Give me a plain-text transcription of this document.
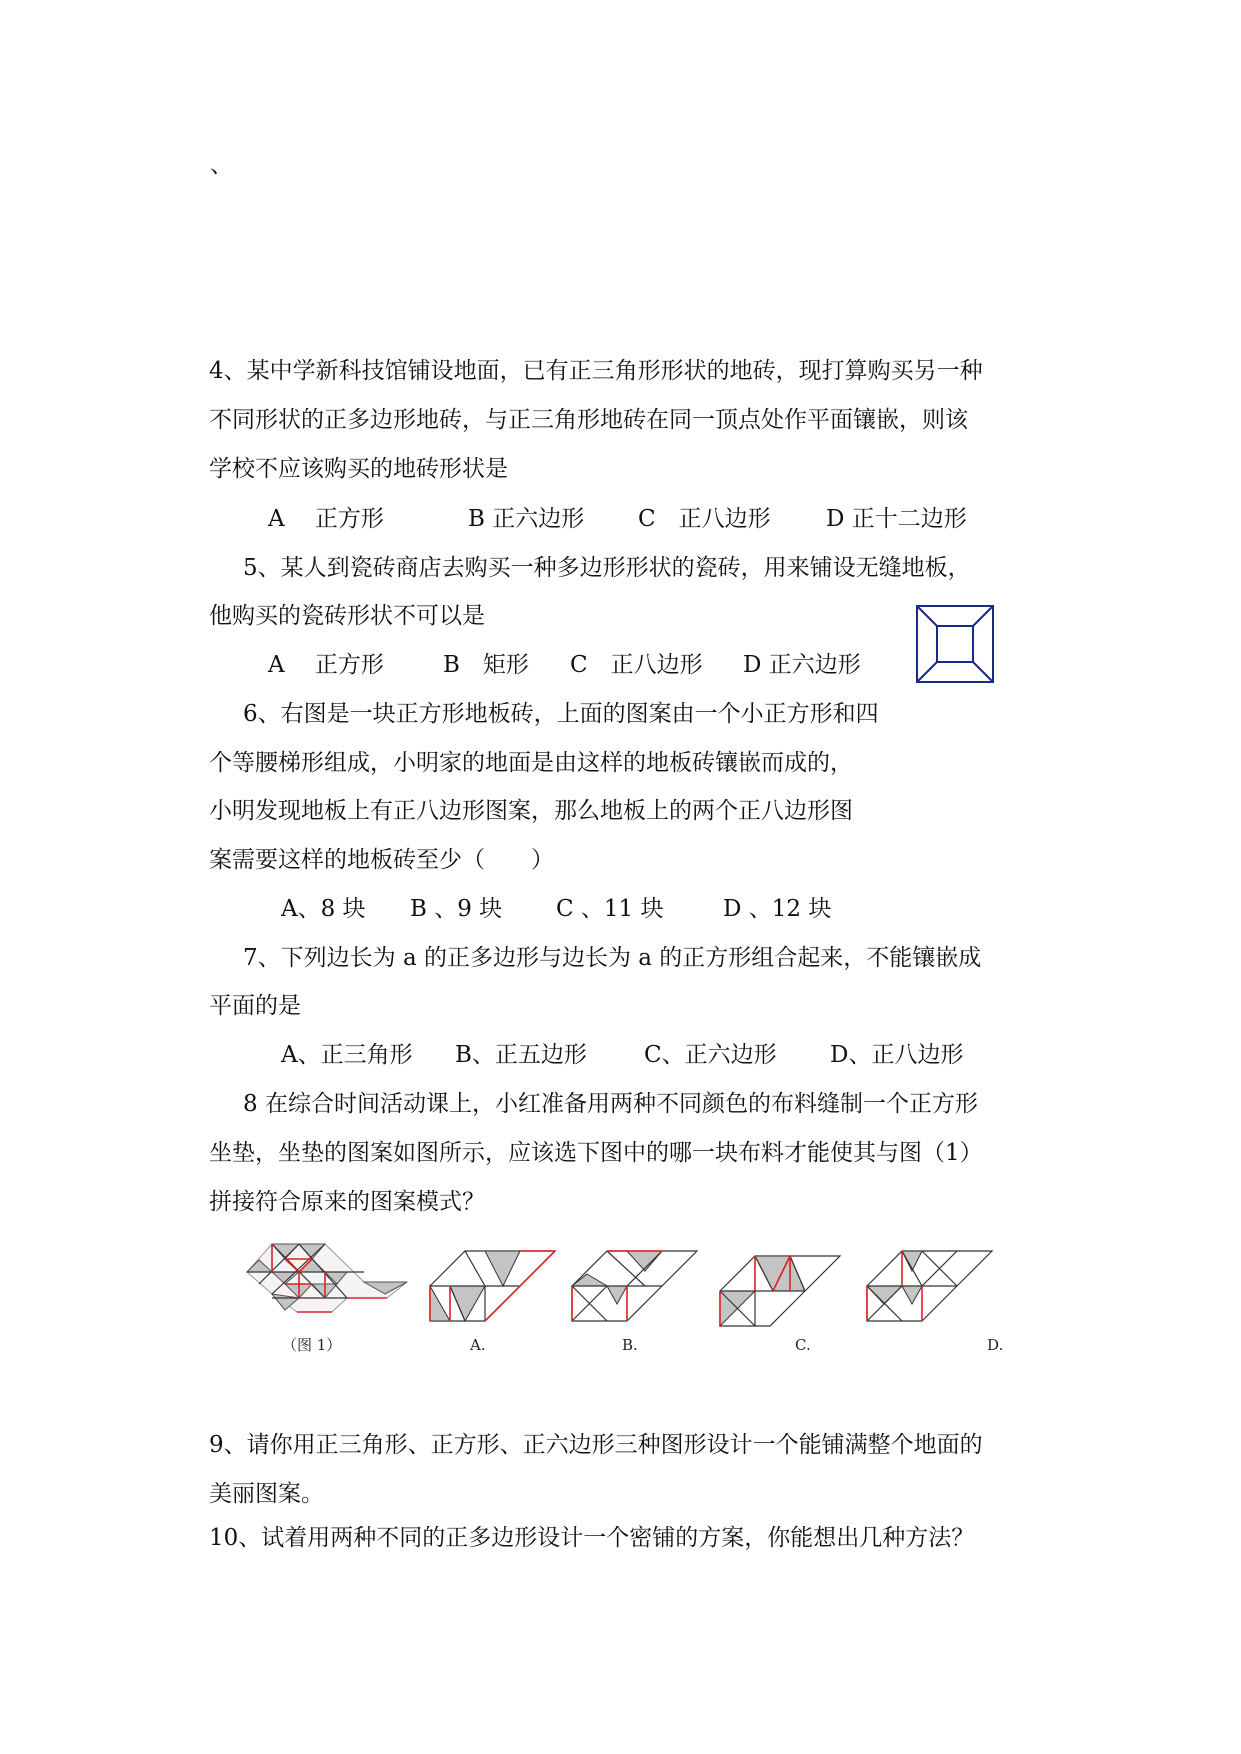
、

4、某中学新科技馆铺设地面，已有正三角形形状的地砖，现打算购买另一种

不同形状的正多边形地砖，与正三角形地砖在同一顶点处作平面镶嵌，则该

学校不应该购买的地砖形状是

A　 正方形

	B 正六边形

C　正八边形

D 正十二边形

5、某人到瓷砖商店去购买一种多边形形状的瓷砖，用来铺设无缝地板，

他购买的瓷砖形状不可以是

A　 正方形

	B　矩形

C　正八边形

D 正六边形

6、右图是一块正方形地板砖，上面的图案由一个小正方形和四

个等腰梯形组成，小明家的地面是由这样的地板砖镶嵌而成的，

小明发现地板上有正八边形图案，那么地板上的两个正八边形图

案需要这样的地板砖至少（　　）

A、8 块

B 、9 块

C 、11 块

	D 、12 块

7、下列边长为 a 的正多边形与边长为 a 的正方形组合起来，不能镶嵌成

平面的是

A、正三角形

B、正五边形

C、正六边形

D、正八边形

8 在综合时间活动课上，小红准备用两种不同颜色的布料缝制一个正方形

坐垫，坐垫的图案如图所示，应该选下图中的哪一块布料才能使其与图（1）

拼接符合原来的图案模式？

（图 1）	A.	B.	C.	D.

9、请你用正三角形、正方形、正六边形三种图形设计一个能铺满整个地面的

美丽图案。

10、试着用两种不同的正多边形设计一个密铺的方案，你能想出几种方法？
